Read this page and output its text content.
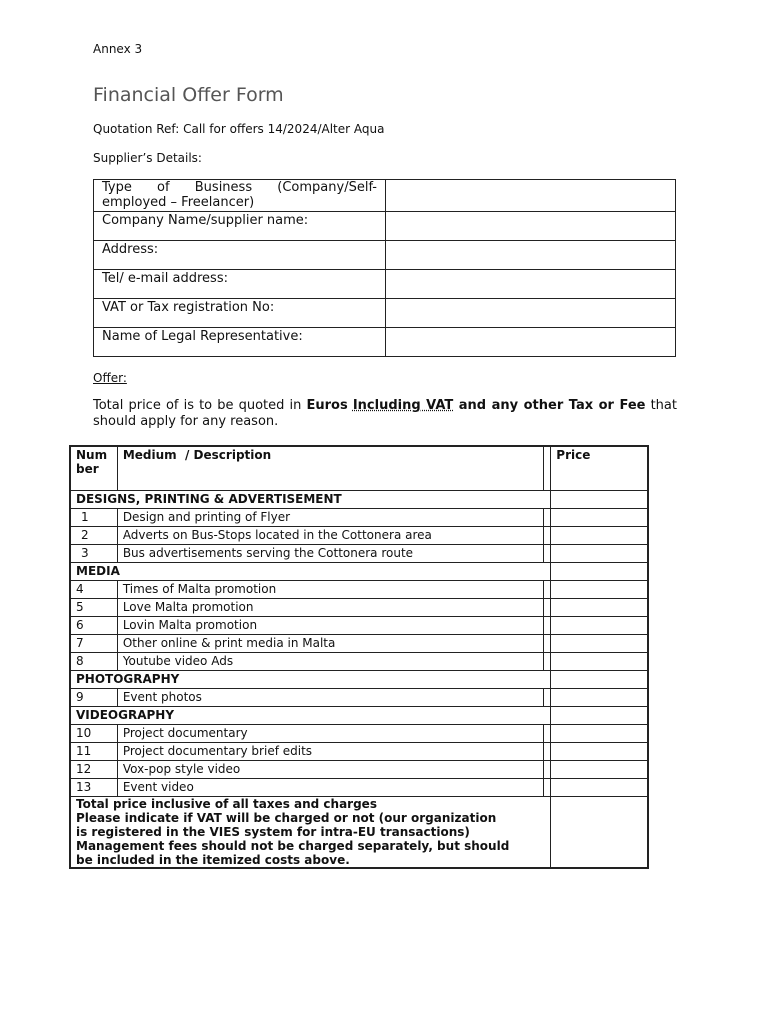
Annex 3
Financial Offer Form
Quotation Ref: Call for offers 14/2024/Alter Aqua
Supplier’s Details:
Type of Business (Company/Self-
employed – Freelancer)	

Company Name/supplier name:	

Address:	

Tel/ e-mail address:	

VAT or Tax registration No:	

Name of Legal Representative:	

Offer:

Total price of is to be quoted in Euros Including VAT and any other Tax or Fee that should apply for any reason.

Number	Medium  / Description		Price
DESIGNS, PRINTING & ADVERTISEMENT			
1	Design and printing of Flyer		
2	Adverts on Bus-Stops located in the Cottonera area		
3	Bus advertisements serving the Cottonera route		
MEDIA			
4	Times of Malta promotion		
5	Love Malta promotion		
6	Lovin Malta promotion		
7	Other online & print media in Malta		
8	Youtube video Ads		
PHOTOGRAPHY			
9	Event photos		
VIDEOGRAPHY			
10	Project documentary		
11	Project documentary brief edits		
12	Vox-pop style video		
13	Event video		

Total price inclusive of all taxes and charges
Please indicate if VAT will be charged or not (our organization
is registered in the VIES system for intra-EU transactions)
Management fees should not be charged separately, but should
be included in the itemized costs above.			
